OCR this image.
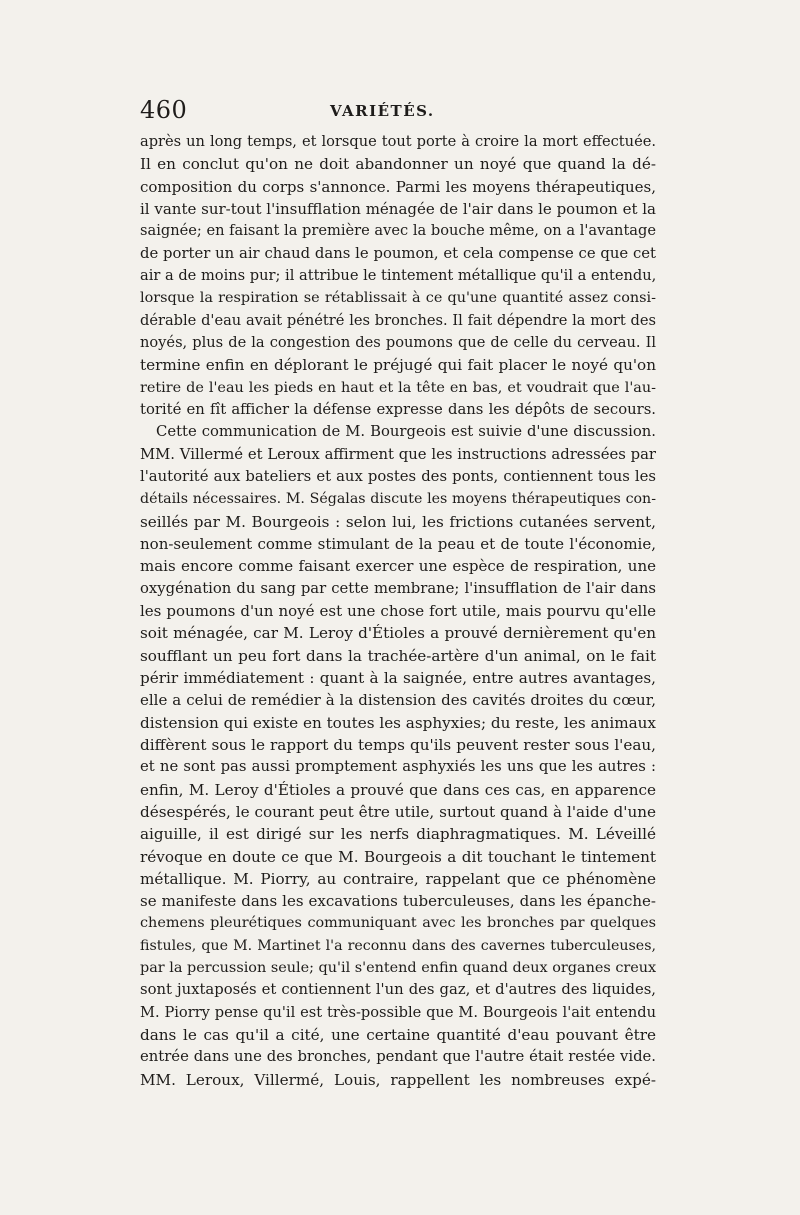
460	VARIÉTÉS.
après un long temps, et lorsque tout porte à croire la mort effectuée.
Il en conclut qu'on ne doit abandonner un noyé que quand la dé-
composition du corps s'annonce. Parmi les moyens thérapeutiques,
il vante sur-tout l'insufflation ménagée de l'air dans le poumon et la
saignée; en faisant la première avec la bouche même, on a l'avantage
de porter un air chaud dans le poumon, et cela compense ce que cet
air a de moins pur; il attribue le tintement métallique qu'il a entendu,
lorsque la respiration se rétablissait à ce qu'une quantité assez consi-
dérable d'eau avait pénétré les bronches. Il fait dépendre la mort des
noyés, plus de la congestion des poumons que de celle du cerveau. Il
termine enfin en déplorant le préjugé qui fait placer le noyé qu'on
retire de l'eau les pieds en haut et la tête en bas, et voudrait que l'au-
torité en fît afficher la défense expresse dans les dépôts de secours.
Cette communication de M. Bourgeois est suivie d'une discussion.
MM. Villermé et Leroux affirment que les instructions adressées par
l'autorité aux bateliers et aux postes des ponts, contiennent tous les
détails nécessaires. M. Ségalas discute les moyens thérapeutiques con-
seillés par M. Bourgeois : selon lui, les frictions cutanées servent,
non-seulement comme stimulant de la peau et de toute l'économie,
mais encore comme faisant exercer une espèce de respiration, une
oxygénation du sang par cette membrane; l'insufflation de l'air dans
les poumons d'un noyé est une chose fort utile, mais pourvu qu'elle
soit ménagée, car M. Leroy d'Étioles a prouvé dernièrement qu'en
soufflant un peu fort dans la trachée-artère d'un animal, on le fait
périr immédiatement : quant à la saignée, entre autres avantages,
elle a celui de remédier à la distension des cavités droites du cœur,
distension qui existe en toutes les asphyxies; du reste, les animaux
diffèrent sous le rapport du temps qu'ils peuvent rester sous l'eau,
et ne sont pas aussi promptement asphyxiés les uns que les autres :
enfin, M. Leroy d'Étioles a prouvé que dans ces cas, en apparence
désespérés, le courant peut être utile, surtout quand à l'aide d'une
aiguille, il est dirigé sur les nerfs diaphragmatiques. M. Léveillé
révoque en doute ce que M. Bourgeois a dit touchant le tintement
métallique. M. Piorry, au contraire, rappelant que ce phénomène
se manifeste dans les excavations tuberculeuses, dans les épanche-
chemens pleurétiques communiquant avec les bronches par quelques
fistules, que M. Martinet l'a reconnu dans des cavernes tuberculeuses,
par la percussion seule; qu'il s'entend enfin quand deux organes creux
sont juxtaposés et contiennent l'un des gaz, et d'autres des liquides,
M. Piorry pense qu'il est très-possible que M. Bourgeois l'ait entendu
dans le cas qu'il a cité, une certaine quantité d'eau pouvant être
entrée dans une des bronches, pendant que l'autre était restée vide.
MM. Leroux, Villermé, Louis, rappellent les nombreuses expé-
